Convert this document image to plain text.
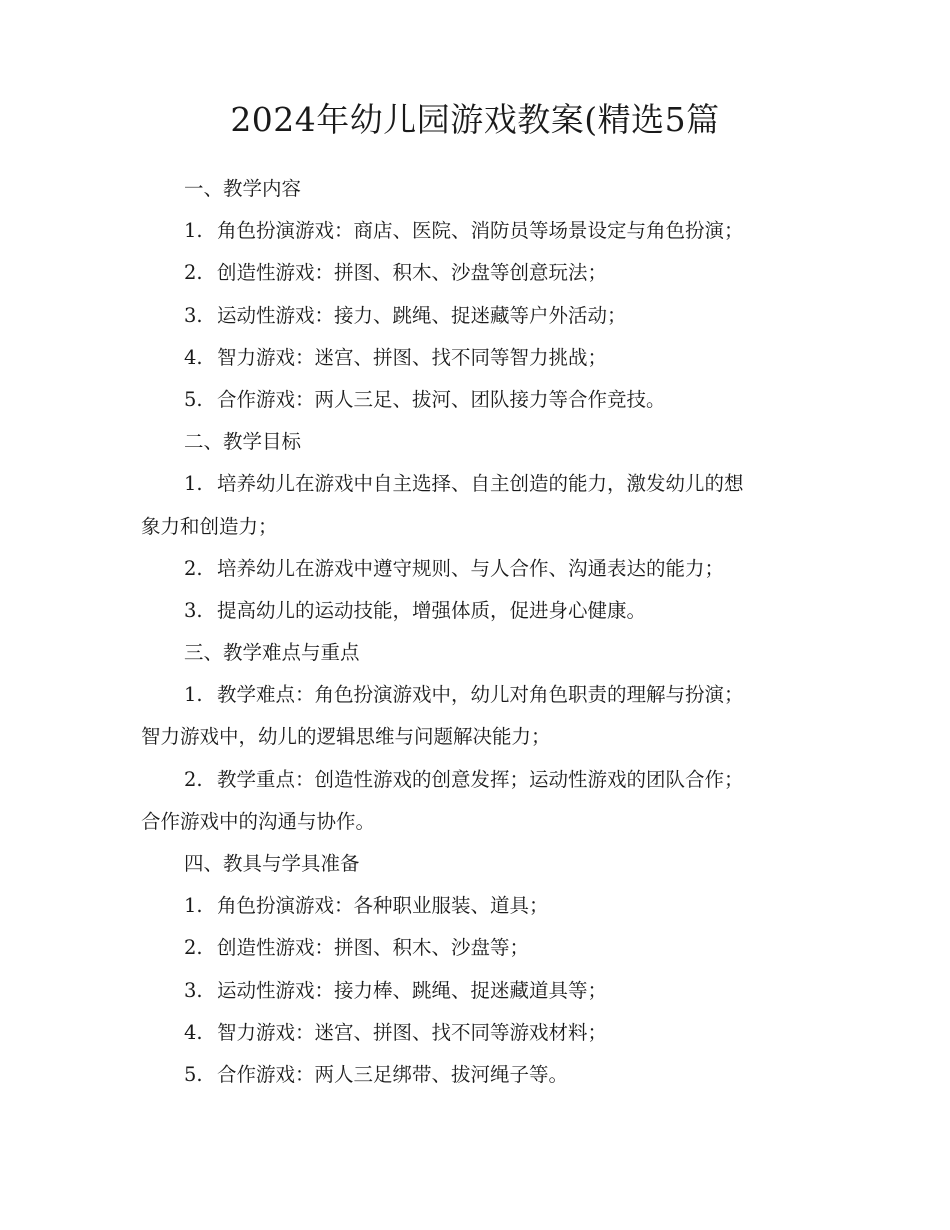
2024年幼儿园游戏教案(精选5篇
一、教学内容
1. 角色扮演游戏：商店、医院、消防员等场景设定与角色扮演；
2. 创造性游戏：拼图、积木、沙盘等创意玩法；
3. 运动性游戏：接力、跳绳、捉迷藏等户外活动；
4. 智力游戏：迷宫、拼图、找不同等智力挑战；
5. 合作游戏：两人三足、拔河、团队接力等合作竞技。
二、教学目标
1. 培养幼儿在游戏中自主选择、自主创造的能力，激发幼儿的想
象力和创造力；
2. 培养幼儿在游戏中遵守规则、与人合作、沟通表达的能力；
3. 提高幼儿的运动技能，增强体质，促进身心健康。
三、教学难点与重点
1. 教学难点：角色扮演游戏中，幼儿对角色职责的理解与扮演；
智力游戏中，幼儿的逻辑思维与问题解决能力；
2. 教学重点：创造性游戏的创意发挥；运动性游戏的团队合作；
合作游戏中的沟通与协作。
四、教具与学具准备
1. 角色扮演游戏：各种职业服装、道具；
2. 创造性游戏：拼图、积木、沙盘等；
3. 运动性游戏：接力棒、跳绳、捉迷藏道具等；
4. 智力游戏：迷宫、拼图、找不同等游戏材料；
5. 合作游戏：两人三足绑带、拔河绳子等。
